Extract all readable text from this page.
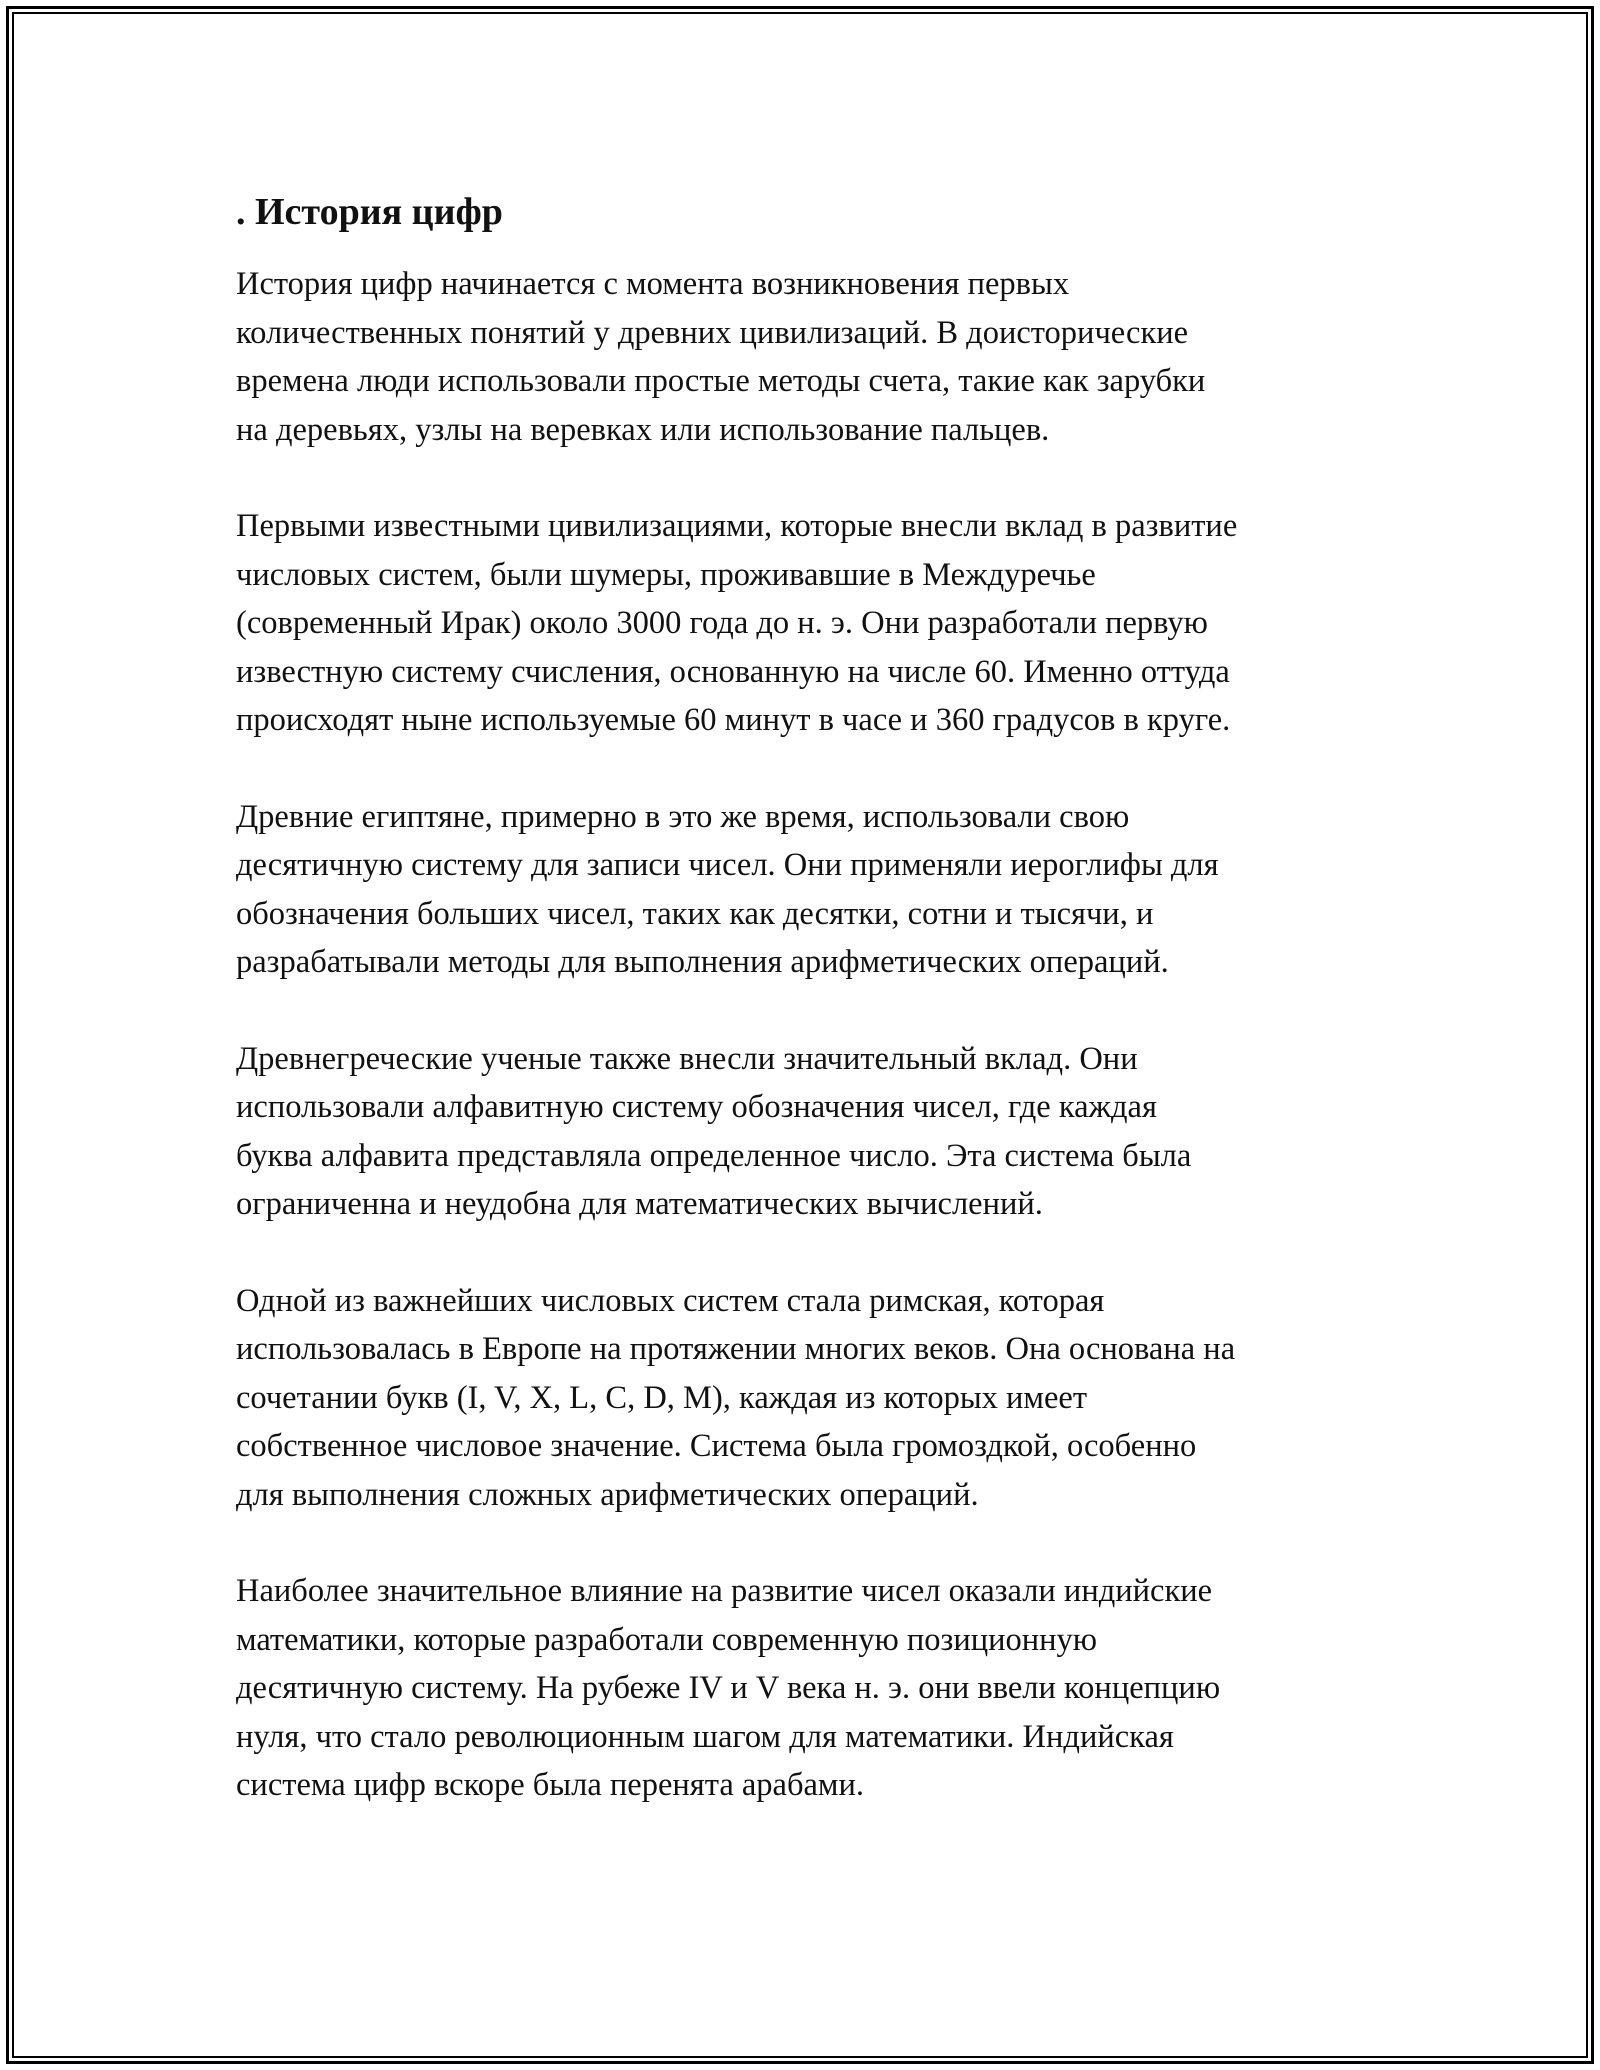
. История цифр
История цифр начинается с момента возникновения первых
количественных понятий у древних цивилизаций. В доисторические
времена люди использовали простые методы счета, такие как зарубки
на деревьях, узлы на веревках или использование пальцев.
Первыми известными цивилизациями, которые внесли вклад в развитие
числовых систем, были шумеры, проживавшие в Междуречье
(современный Ирак) около 3000 года до н. э. Они разработали первую
известную систему счисления, основанную на числе 60. Именно оттуда
происходят ныне используемые 60 минут в часе и 360 градусов в круге.
Древние египтяне, примерно в это же время, использовали свою
десятичную систему для записи чисел. Они применяли иероглифы для
обозначения больших чисел, таких как десятки, сотни и тысячи, и
разрабатывали методы для выполнения арифметических операций.
Древнегреческие ученые также внесли значительный вклад. Они
использовали алфавитную систему обозначения чисел, где каждая
буква алфавита представляла определенное число. Эта система была
ограниченна и неудобна для математических вычислений.
Одной из важнейших числовых систем стала римская, которая
использовалась в Европе на протяжении многих веков. Она основана на
сочетании букв (I, V, X, L, C, D, M), каждая из которых имеет
собственное числовое значение. Система была громоздкой, особенно
для выполнения сложных арифметических операций.
Наиболее значительное влияние на развитие чисел оказали индийские
математики, которые разработали современную позиционную
десятичную систему. На рубеже IV и V века н. э. они ввели концепцию
нуля, что стало революционным шагом для математики. Индийская
система цифр вскоре была перенята арабами.
